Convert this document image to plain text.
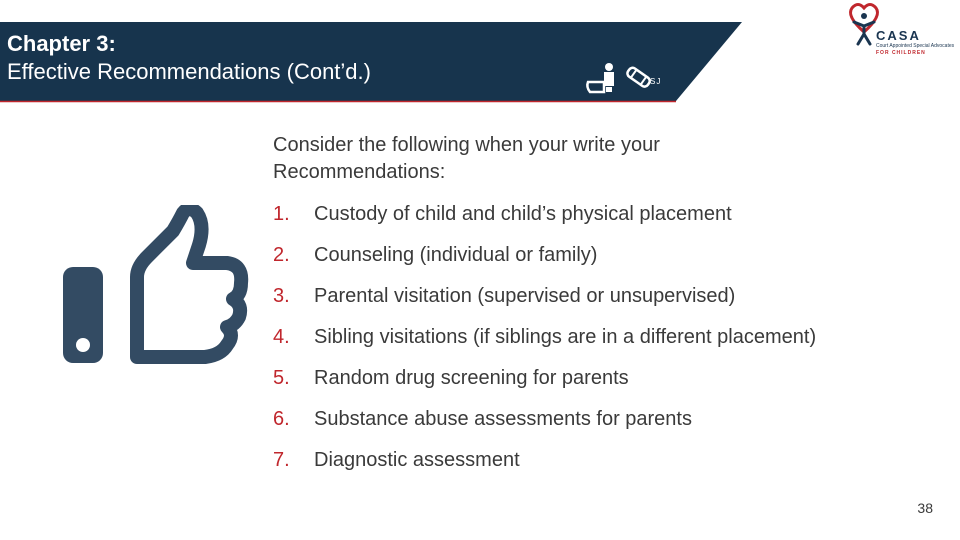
Chapter 3:
Effective Recommendations (Cont’d.)	SJ
CASA
Court Appointed Special Advocates
FOR CHILDREN
Consider the following when your write your Recommendations:
1. Custody of child and child’s physical placement
2. Counseling (individual or family)
3. Parental visitation (supervised or unsupervised)
4. Sibling visitations (if siblings are in a different placement)
5. Random drug screening for parents
6. Substance abuse assessments for parents
7. Diagnostic assessment
38
